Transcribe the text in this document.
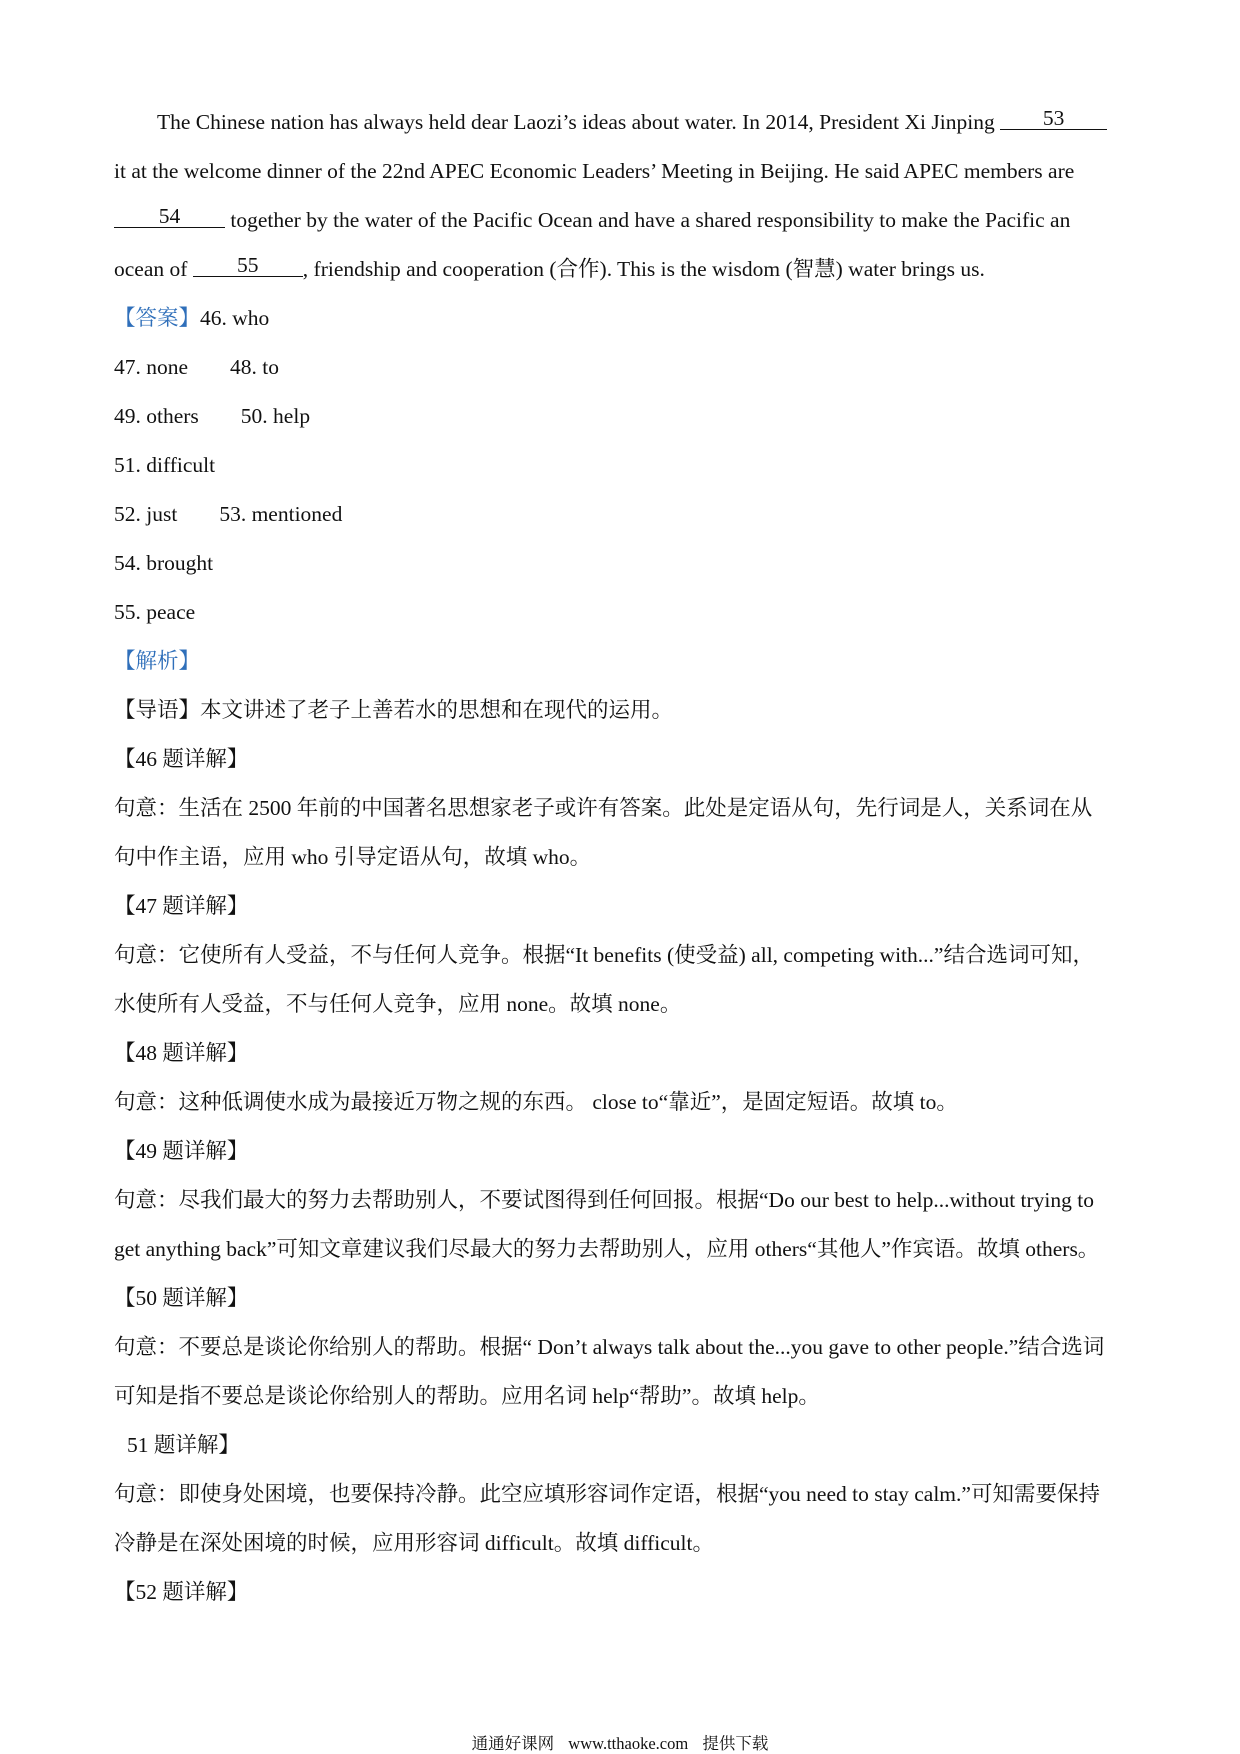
The Chinese nation has always held dear Laozi’s ideas about water. In 2014, President Xi Jinping 53
it at the welcome dinner of the 22nd APEC Economic Leaders’ Meeting in Beijing. He said APEC members are
54 together by the water of the Pacific Ocean and have a shared responsibility to make the Pacific an
ocean of 55 , friendship and cooperation (合作). This is the wisdom (智慧) water brings us.
【答案】46. who
47. none 48. to
49. others 50. help
51. difficult
52. just 53. mentioned
54. brought
55. peace
【解析】
【导语】本文讲述了老子上善若水的思想和在现代的运用。
【46 题详解】
句意：生活在 2500 年前的中国著名思想家老子或许有答案。此处是定语从句，先行词是人，关系词在从
句中作主语，应用 who 引导定语从句，故填 who。
【47 题详解】
句意：它使所有人受益，不与任何人竞争。根据“It benefits (使受益) all, competing with...”结合选词可知，
水使所有人受益，不与任何人竞争，应用 none。故填 none。
【48 题详解】
句意：这种低调使水成为最接近万物之规的东西。 close to“靠近”，是固定短语。故填 to。
【49 题详解】
句意：尽我们最大的努力去帮助别人，不要试图得到任何回报。根据“Do our best to help...without trying to
get anything back”可知文章建议我们尽最大的努力去帮助别人，应用 others“其他人”作宾语。故填 others。
【50 题详解】
句意：不要总是谈论你给别人的帮助。根据“ Don’t always talk about the...you gave to other people.”结合选词
可知是指不要总是谈论你给别人的帮助。应用名词 help“帮助”。故填 help。
51 题详解】
句意：即使身处困境，也要保持冷静。此空应填形容词作定语，根据“you need to stay calm.”可知需要保持
冷静是在深处困境的时候，应用形容词 difficult。故填 difficult。
【52 题详解】
通通好课网 www.tthaoke.com 提供下载
